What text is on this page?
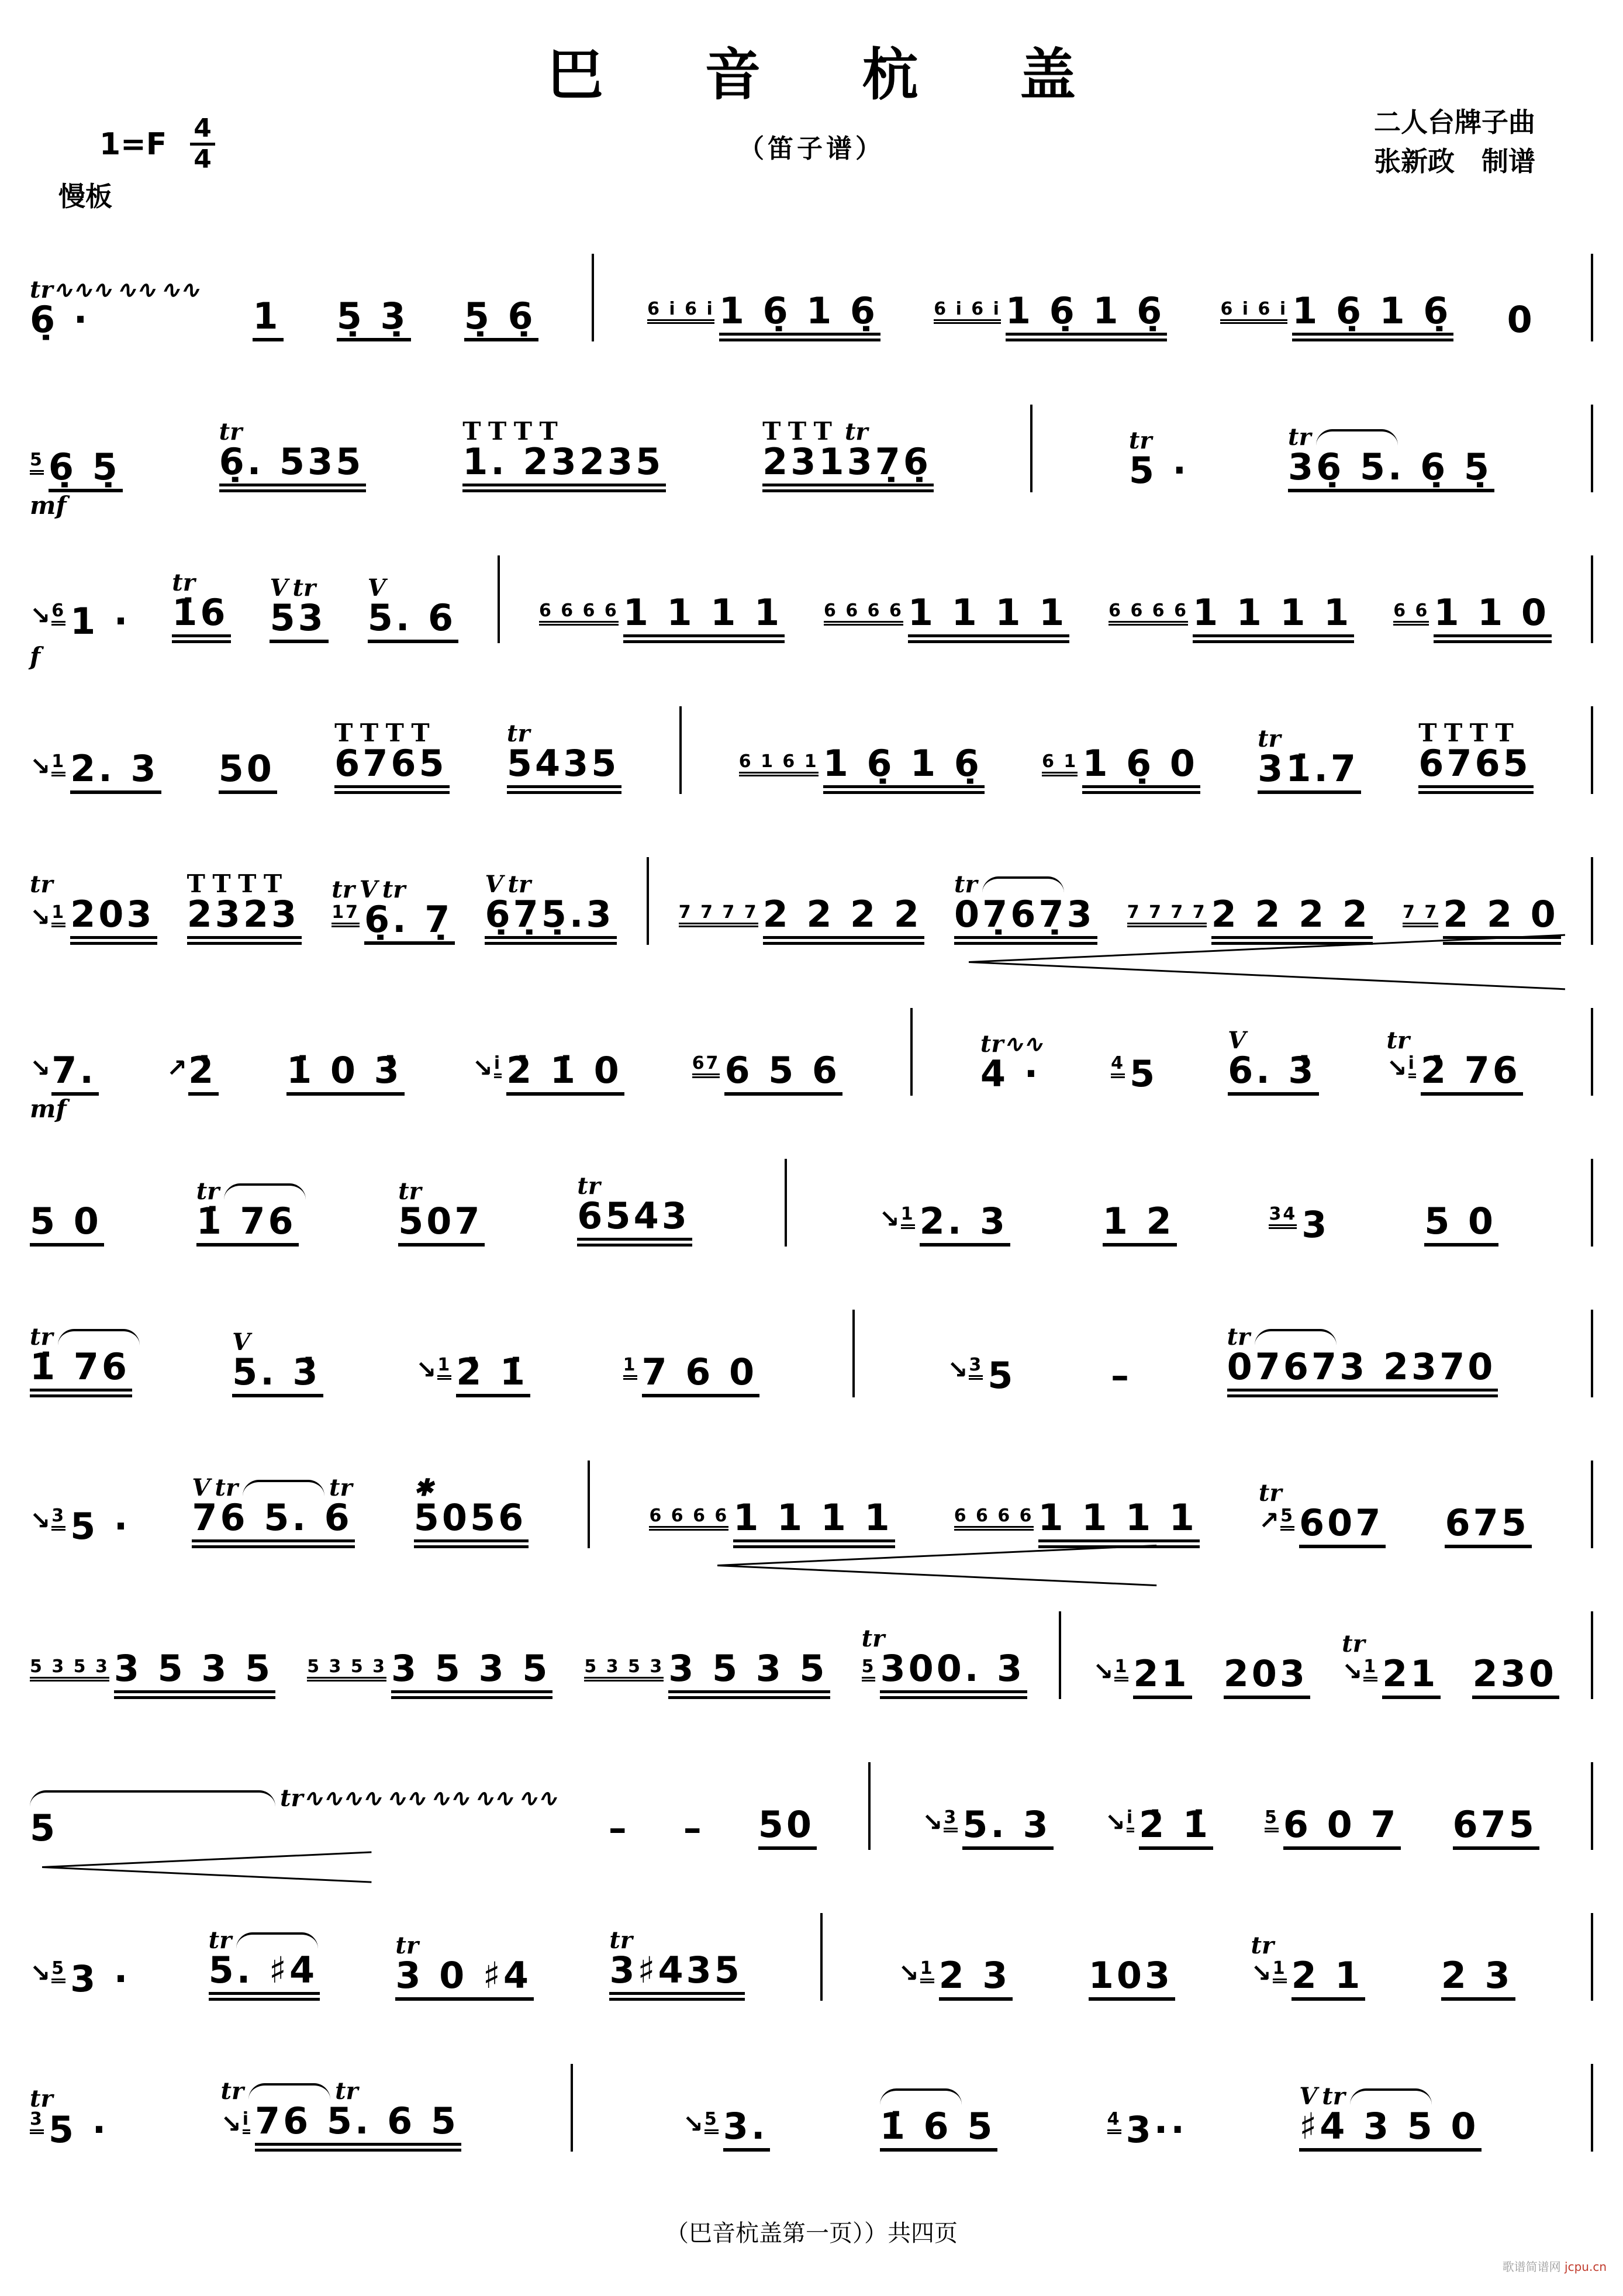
巴 音 杭 盖
（笛子谱）
二人台牌子曲
张新政　制谱
1=F 4
4
慢板
tr∿∿∿ ∿∿ ∿∿
6̣ ·	1 5̣ 3̣ 5̣ 6̣	6 i 6 i 1 6̣ 1 6̣	6 i 6 i 1 6̣ 1 6̣	6 i 6 i 1 6̣ 1 6̣ 0
5 6̣ 5̣
mf
tr
6̣. 535
TTTT
1. 23235
TTT tr
23137̣6̣	tr
5 ·
tr
36̣ 5. 6̣ 5̣
↘ 6 1 ·
f
tr
1̇6
V tr
53
V
5. 6	6 6 6 6 1 1 1 1 6 6 6 6 1 1 1 1 6 6 6 6 1 1 1 1 6 6 1 1 0
↘ 1 2. 3 50
TTTT
6765
tr
5435	6 1 6 1 1 6̣ 1 6̣	6 1 1 6̣ 0
tr
31̇.7
TTTT
6765
tr
↘ 1 203
TTTT
2323
tr V tr
17 6̣. 7̣
V tr
6̣7̣5̣.3	7 7 7 7 2 2 2 2
tr
07̣67̣3 7 7 7 7 2 2 2 2 7 7 2 2 0
↘ 7.
mf
↗ 2̇ 1̇ 0 3̇	↘ i 2̇ 1̇ 0	67 6 5 6
tr∿∿
4 ·	4 5
V
6. 3̇
tr
↘ i 2̇ 76
5 0
tr
1̇ 76
tr
507
tr
6543	↘ 1 2. 3	1 2	34 3	5 0
tr
1̇ 76
V
5. 3̇	↘ 1 2̇ 1̇	1 7 6 0	↘ 3 5	–
tr
07673 2370
↘ 3 5 ·
V tr	tr
76 5. 6
✱
5056	6 6 6 6 1 1 1 1	6 6 6 6 1 1 1 1
tr
↗ 5 607 675
5 3 5 3 3 5 3 5 5 3 5 3 3 5 3 5 5 3 5 3 3 5 3 5
tr
5 300. 3	↘ 1 21 203
tr
↘ 1 21 230
tr∿∿∿∿ ∿∿ ∿∿ ∿∿ ∿∿
5	– – 50	↘ 3 5. 3 ↘ i 2̇ 1̇	5 6 0 7 675
↘ 5 3 ·
tr
5. ♯4
tr
3 0 ♯4
tr
3♯435	↘ 1 2 3 103
tr
↘ 1 2 1 2 3
tr
3 5 ·
tr	tr
↘ i 76 5. 6 5	↘ 5 3.	1̇ 6 5	4 3··
V tr
♯4 3 5 0
（巴音杭盖第一页））共四页
歌谱简谱网 jcpu.cn
